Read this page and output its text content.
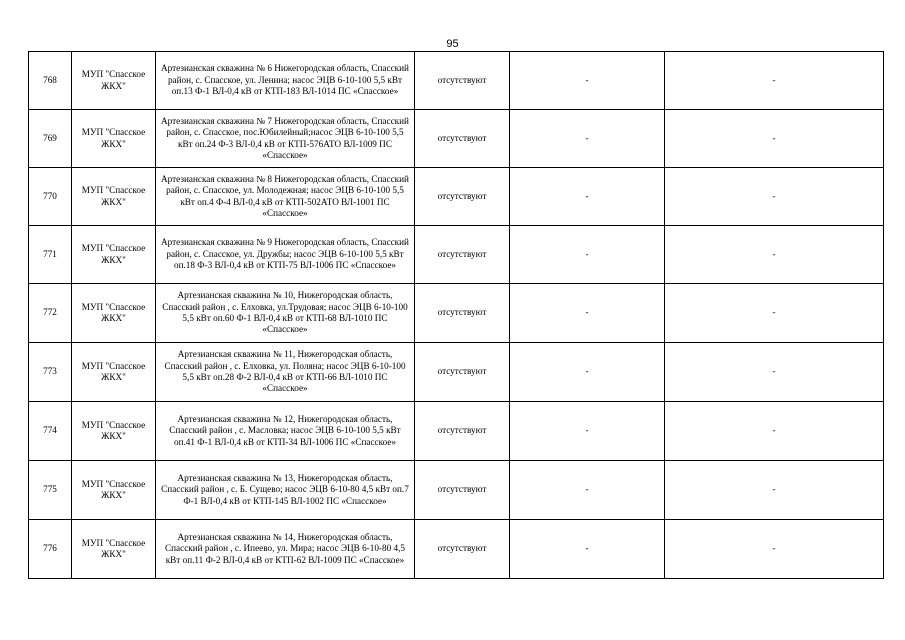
95
768	МУП "Спасское ЖКХ"	Артезианская скважина № 6 Нижегородская область, Спасский район, с. Спасское, ул. Ленина; насос ЭЦВ 6-10-100 5,5 кВт оп.13 Ф-1 ВЛ-0,4 кВ от КТП-183 ВЛ-1014 ПС «Спасское»	отсутствуют	-	-
769	МУП "Спасское ЖКХ"	Артезианская скважина № 7 Нижегородская область, Спасский район, с. Спасское, пос.Юбилейный;насос ЭЦВ 6-10-100 5,5 кВт оп.24 Ф-3 ВЛ-0,4 кВ от КТП-576АТО ВЛ-1009 ПС «Спасское»	отсутствуют	-	-
770	МУП "Спасское ЖКХ"	Артезианская скважина № 8 Нижегородская область, Спасский район, с. Спасское, ул. Молодежная; насос ЭЦВ 6-10-100 5,5 кВт оп.4 Ф-4 ВЛ-0,4 кВ от КТП-502АТО ВЛ-1001 ПС «Спасское»	отсутствуют	-	-
771	МУП "Спасское ЖКХ"	Артезианская скважина № 9 Нижегородская область, Спасский район, с. Спасское, ул. Дружбы; насос ЭЦВ 6-10-100 5,5 кВт оп.18 Ф-3 ВЛ-0,4 кВ от КТП-75 ВЛ-1006 ПС «Спасское»	отсутствуют	-	-
772	МУП "Спасское ЖКХ"	Артезианская скважина № 10, Нижегородская область, Спасский район , с. Елховка, ул.Трудовая; насос ЭЦВ 6-10-100 5,5 кВт оп.60 Ф-1 ВЛ-0,4 кВ от КТП-68 ВЛ-1010 ПС «Спасское»	отсутствуют	-	-
773	МУП "Спасское ЖКХ"	Артезианская скважина № 11, Нижегородская область, Спасский район , с. Елховка, ул. Поляна; насос ЭЦВ 6-10-100 5,5 кВт оп.28 Ф-2 ВЛ-0,4 кВ от КТП-66 ВЛ-1010 ПС «Спасское»	отсутствуют	-	-
774	МУП "Спасское ЖКХ"	Артезианская скважина № 12, Нижегородская область, Спасский район , с. Масловка; насос ЭЦВ 6-10-100 5,5 кВт оп.41 Ф-1 ВЛ-0,4 кВ от КТП-34 ВЛ-1006 ПС «Спасское»	отсутствуют	-	-
775	МУП "Спасское ЖКХ"	Артезианская скважина № 13, Нижегородская область, Спасский район , с. Б. Сущево; насос ЭЦВ 6-10-80 4,5 кВт оп.7 Ф-1 ВЛ-0,4 кВ от КТП-145 ВЛ-1002 ПС «Спасское»	отсутствуют	-	-
776	МУП "Спасское ЖКХ"	Артезианская скважина № 14, Нижегородская область, Спасский район , с. Ипеево, ул. Мира; насос ЭЦВ 6-10-80 4,5 кВт оп.11 Ф-2 ВЛ-0,4 кВ от КТП-62 ВЛ-1009 ПС «Спасское»	отсутствуют	-	-
